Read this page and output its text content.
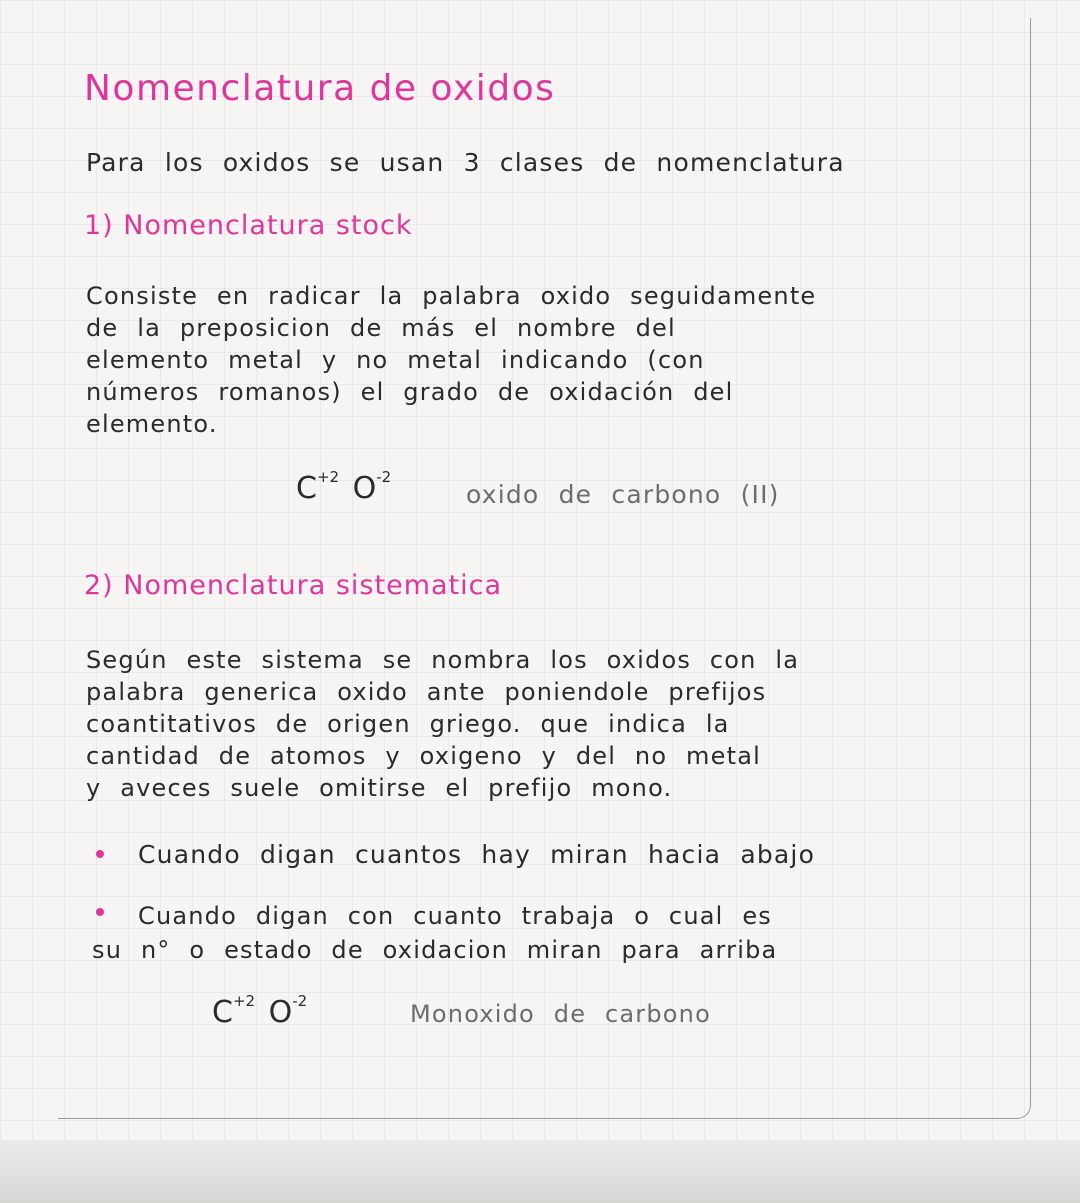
Nomenclatura de oxidos
Para los oxidos se usan 3 clases de nomenclatura
1) Nomenclatura stock
Consiste en radicar la palabra oxido seguidamente
de la preposicion de más el nombre del
elemento metal y no metal indicando (con
números romanos) el grado de oxidación del
elemento.
$C^{+2}$ $O^{-2}$
oxido de carbono (II)
2) Nomenclatura sistematica
Según este sistema se nombra los oxidos con la
palabra generica oxido ante poniendole prefijos
coantitativos de origen griego. que indica la
cantidad de atomos y oxigeno y del no metal
y aveces suele omitirse el prefijo mono.
Cuando digan cuantos hay miran hacia abajo
Cuando digan con cuanto trabaja o cual es
su n° o estado de oxidacion miran para arriba
$C^{+2}$ $O^{-2}$	Monoxido de carbono
